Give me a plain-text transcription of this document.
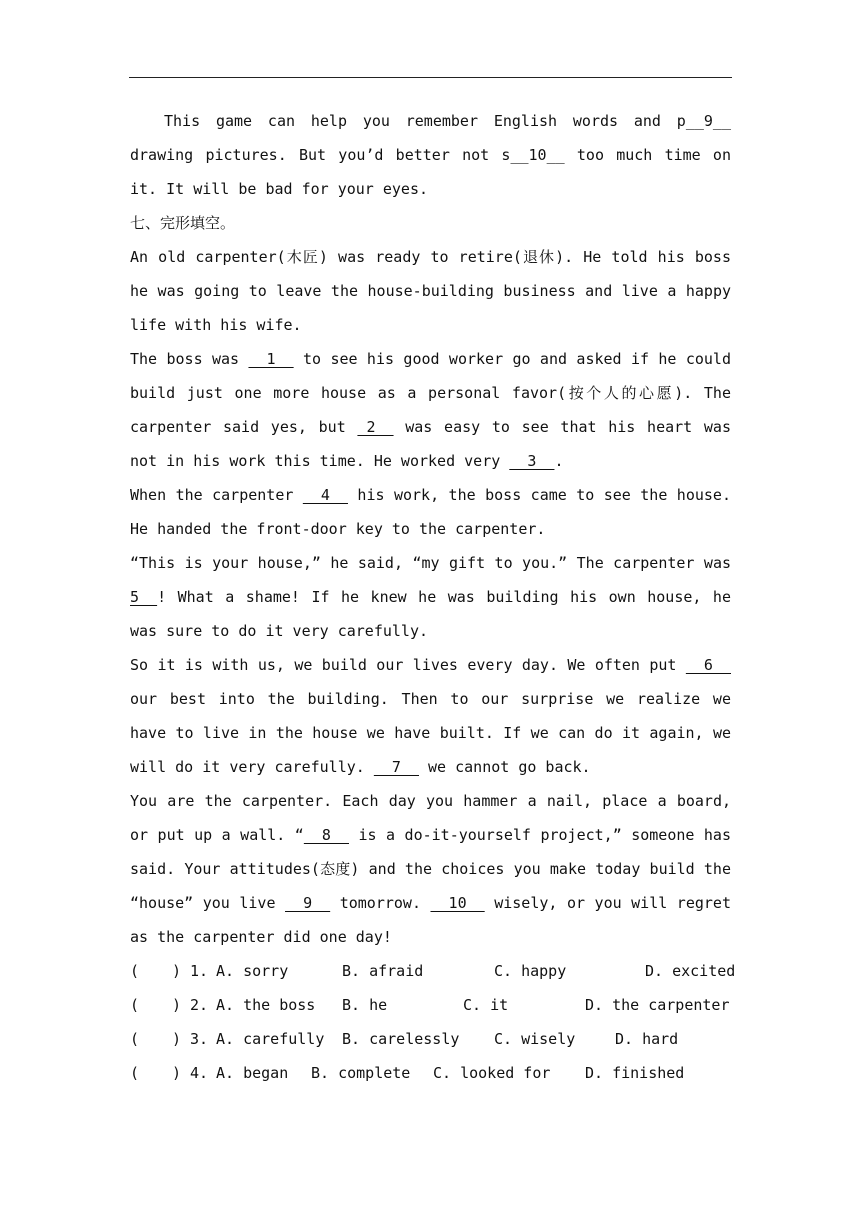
This game can help you remember English words and p__9__ drawing pictures. But you’d better not s__10__ too much time on it. It will be bad for your eyes.

七、完形填空。

An old carpenter(木匠) was ready to retire(退休). He told his boss he was going to leave the house-building business and live a happy life with his wife.

The boss was   1   to see his good worker go and asked if he could build just one more house as a personal favor(按个人的心愿). The carpenter said yes, but  2   was easy to see that his heart was not in his work this time. He worked very   3  .

When the carpenter   4   his work, the boss came to see the house. He handed the front-door key to the carpenter.

“This is your house,” he said, “my gift to you.” The carpenter was 5  ! What a shame! If he knew he was building his own house, he was sure to do it very carefully.

So it is with us, we build our lives every day. We often put   6   our best into the building. Then to our surprise we realize we have to live in the house we have built. If we can do it again, we will do it very carefully.   7   we cannot go back.

You are the carpenter. Each day you hammer a nail, place a board, or put up a wall. “  8   is a do-it-yourself project,” someone has said. Your attitudes(态度) and the choices you make today build the “house” you live   9   tomorrow.   10   wisely, or you will regret as the carpenter did one day!

( ) 1. A. sorry	B. afraid	C. happy	D. excited
( ) 2. A. the boss B. he	C. it	D. the carpenter
( ) 3. A. carefully B. carelessly C. wisely	D. hard
( ) 4. A. began B. complete C. looked for D. finished
